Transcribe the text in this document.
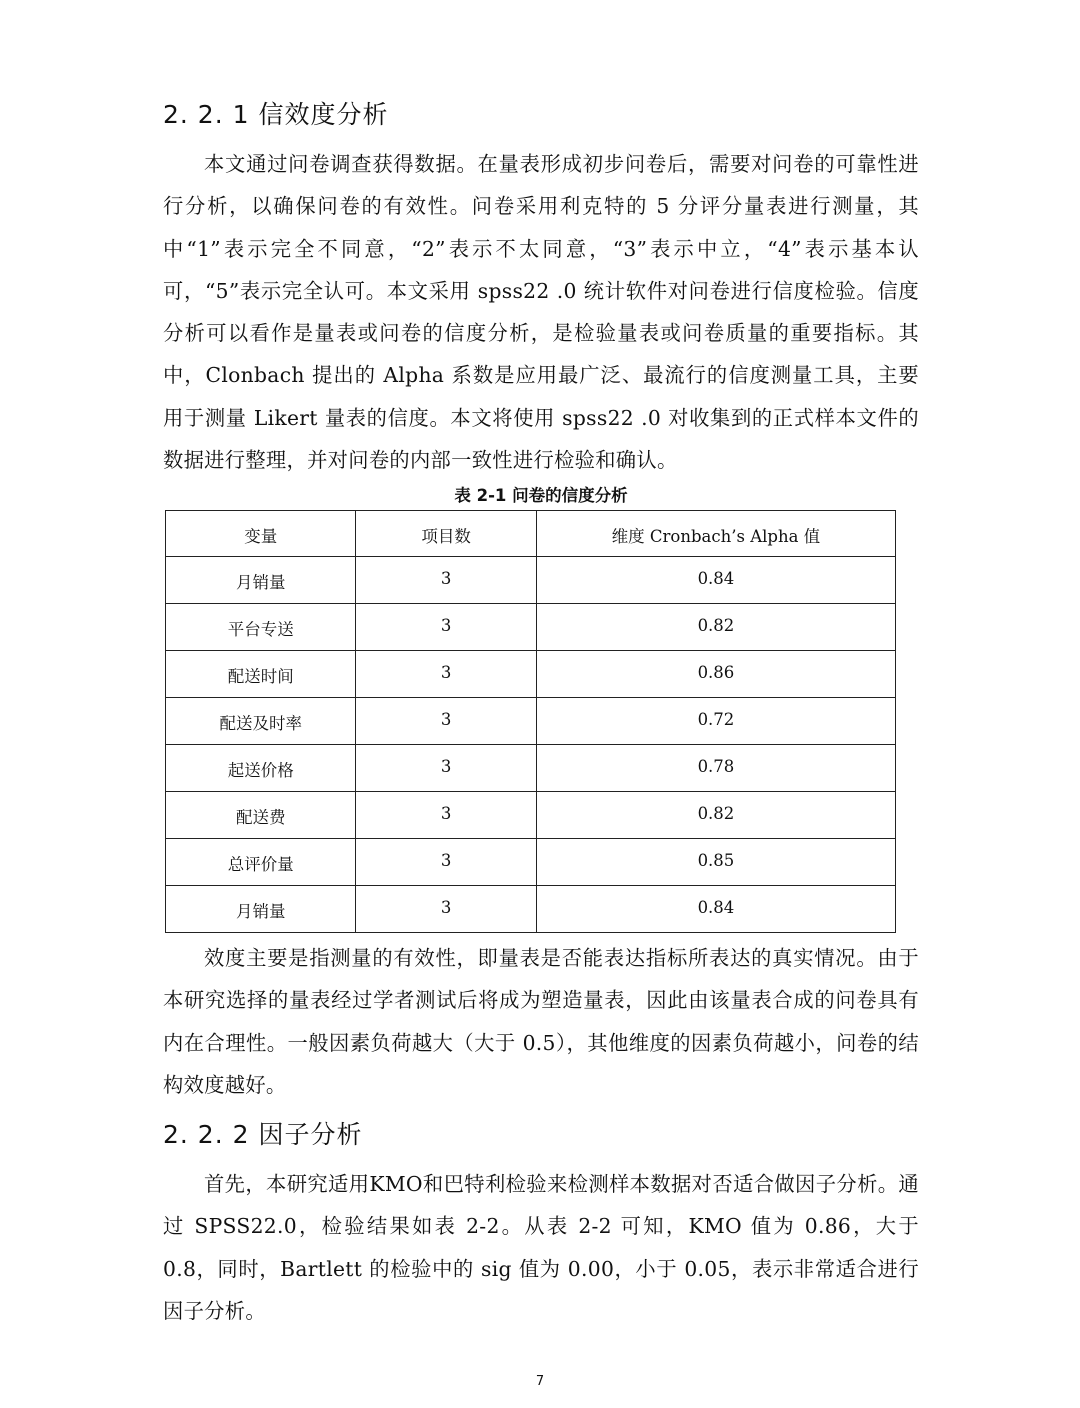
2. 2. 1 信效度分析

本文通过问卷调查获得数据。在量表形成初步问卷后，需要对问卷的可靠性进行分析，以确保问卷的有效性。问卷采用利克特的 5 分评分量表进行测量，其中“1”表示完全不同意，“2”表示不太同意，“3”表示中立，“4”表示基本认可，“5”表示完全认可。本文采用 spss22 .0 统计软件对问卷进行信度检验。信度分析可以看作是量表或问卷的信度分析，是检验量表或问卷质量的重要指标。其中，Clonbach 提出的 Alpha 系数是应用最广泛、最流行的信度测量工具，主要用于测量 Likert 量表的信度。本文将使用 spss22 .0 对收集到的正式样本文件的数据进行整理，并对问卷的内部一致性进行检验和确认。

表 2-1 问卷的信度分析
变量	项目数	维度 Cronbach’s Alpha 值
月销量	3	0.84
平台专送	3	0.82
配送时间	3	0.86
配送及时率	3	0.72
起送价格	3	0.78
配送费	3	0.82
总评价量	3	0.85
月销量	3	0.84

效度主要是指测量的有效性，即量表是否能表达指标所表达的真实情况。由于本研究选择的量表经过学者测试后将成为塑造量表，因此由该量表合成的问卷具有内在合理性。一般因素负荷越大（大于 0.5），其他维度的因素负荷越小，问卷的结构效度越好。

2. 2. 2 因子分析

首先，本研究适用KMO和巴特利检验来检测样本数据对否适合做因子分析。通过 SPSS22.0，检验结果如表 2-2。从表 2-2 可知，KMO 值为 0.86，大于 0.8，同时，Bartlett 的检验中的 sig 值为 0.00，小于 0.05，表示非常适合进行因子分析。

7
